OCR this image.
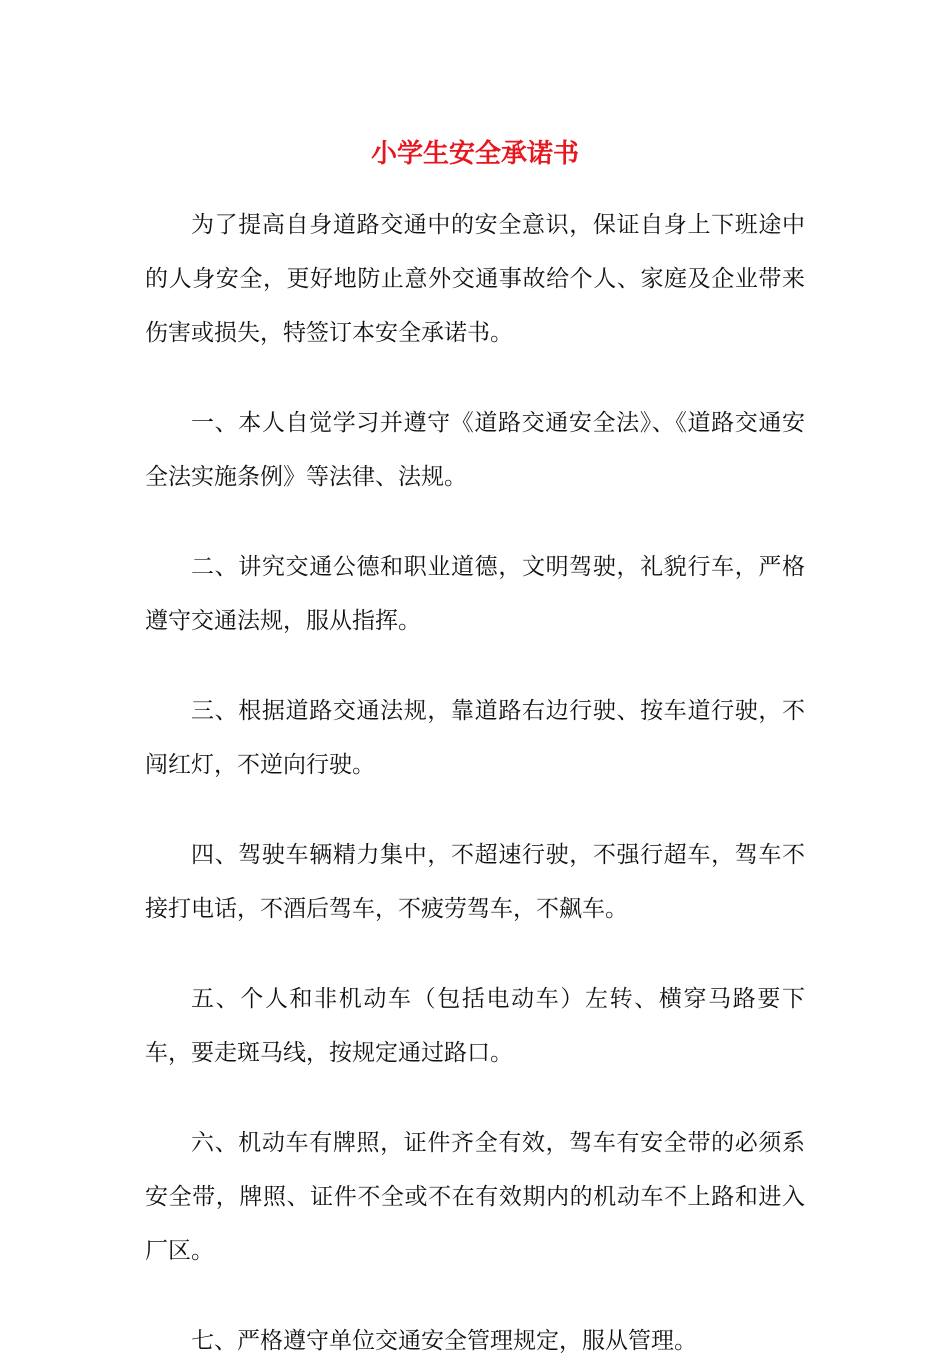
小学生安全承诺书

为了提高自身道路交通中的安全意识，保证自身上下班途中的人身安全，更好地防止意外交通事故给个人、家庭及企业带来伤害或损失，特签订本安全承诺书。

一、本人自觉学习并遵守《道路交通安全法》、《道路交通安全法实施条例》等法律、法规。

二、讲究交通公德和职业道德，文明驾驶，礼貌行车，严格遵守交通法规，服从指挥。

三、根据道路交通法规，靠道路右边行驶、按车道行驶，不闯红灯，不逆向行驶。

四、驾驶车辆精力集中，不超速行驶，不强行超车，驾车不接打电话，不酒后驾车，不疲劳驾车，不飙车。

五、个人和非机动车（包括电动车）左转、横穿马路要下车，要走斑马线，按规定通过路口。

六、机动车有牌照，证件齐全有效，驾车有安全带的必须系安全带，牌照、证件不全或不在有效期内的机动车不上路和进入厂区。

七、严格遵守单位交通安全管理规定，服从管理。
